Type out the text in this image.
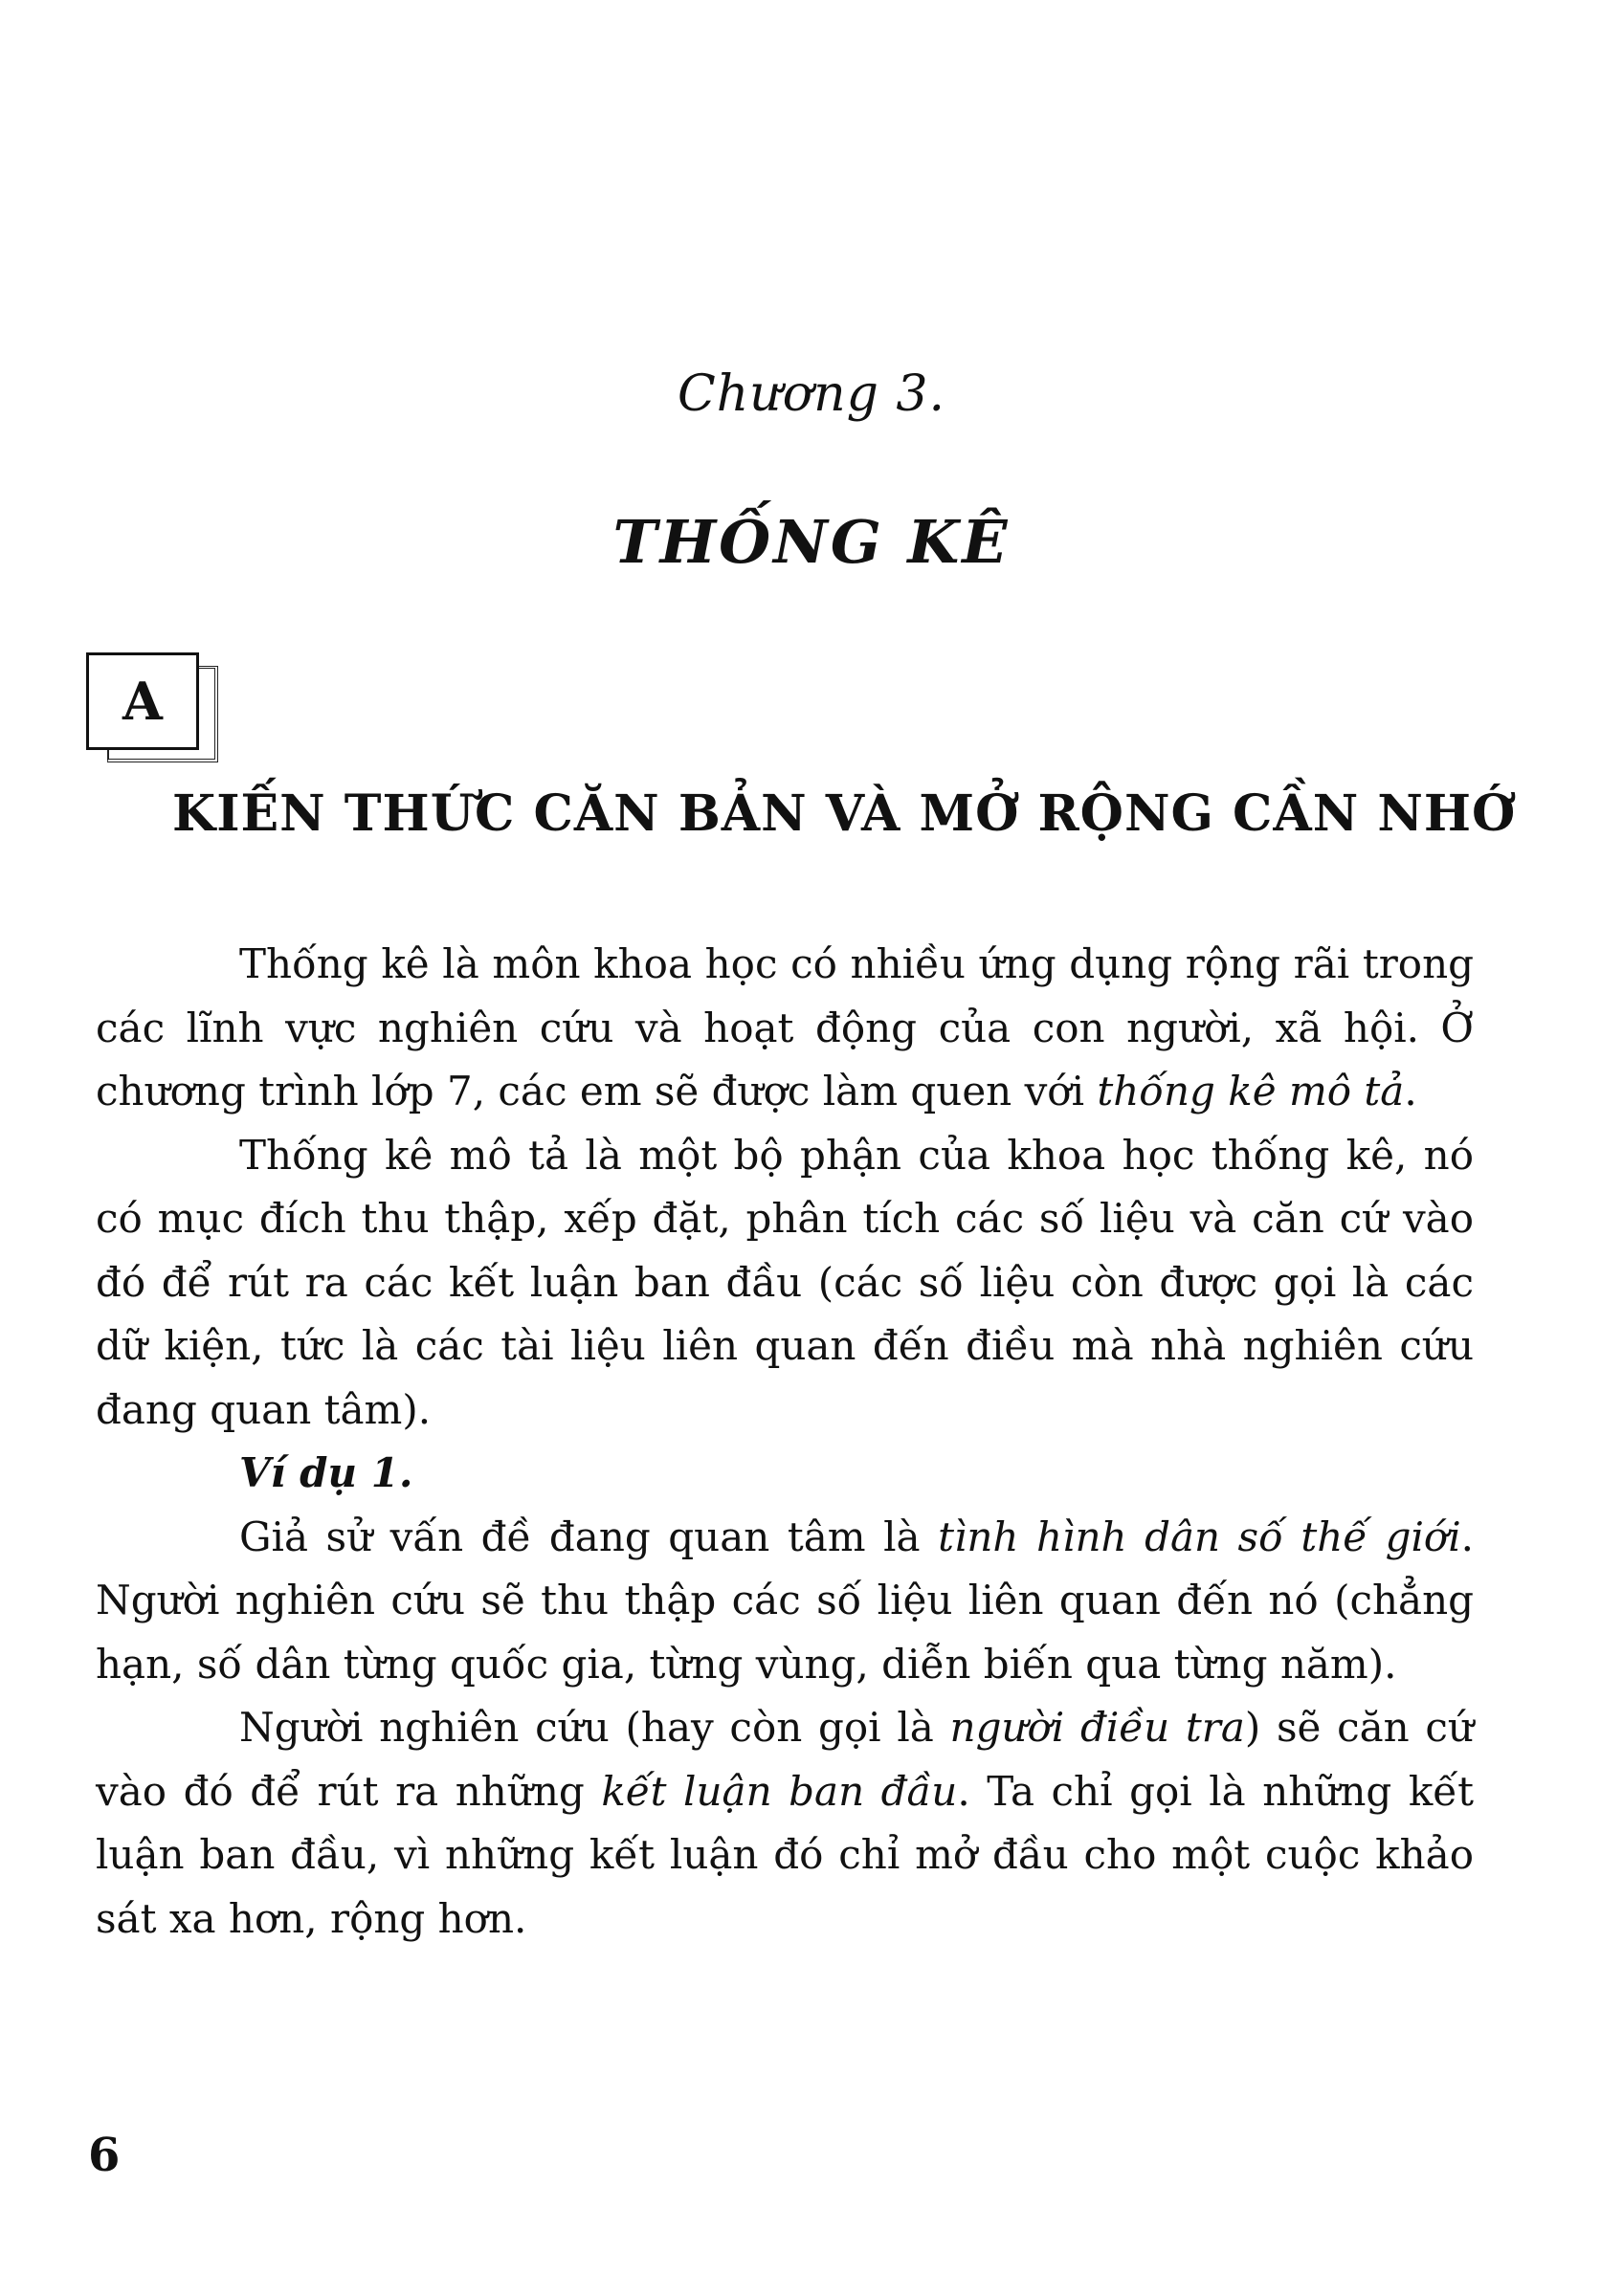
Chương 3.
THỐNG KÊ
A
KIẾN THỨC CĂN BẢN VÀ MỞ RỘNG CẦN NHỚ

Thống kê là môn khoa học có nhiều ứng dụng rộng rãi trong các lĩnh vực nghiên cứu và hoạt động của con người, xã hội. Ở chương trình lớp 7, các em sẽ được làm quen với thống kê mô tả.

Thống kê mô tả là một bộ phận của khoa học thống kê, nó có mục đích thu thập, xếp đặt, phân tích các số liệu và căn cứ vào đó để rút ra các kết luận ban đầu (các số liệu còn được gọi là các dữ kiện, tức là các tài liệu liên quan đến điều mà nhà nghiên cứu đang quan tâm).

Ví dụ 1.

Giả sử vấn đề đang quan tâm là tình hình dân số thế giới. Người nghiên cứu sẽ thu thập các số liệu liên quan đến nó (chẳng hạn, số dân từng quốc gia, từng vùng, diễn biến qua từng năm).

Người nghiên cứu (hay còn gọi là người điều tra) sẽ căn cứ vào đó để rút ra những kết luận ban đầu. Ta chỉ gọi là những kết luận ban đầu, vì những kết luận đó chỉ mở đầu cho một cuộc khảo sát xa hơn, rộng hơn.

6
